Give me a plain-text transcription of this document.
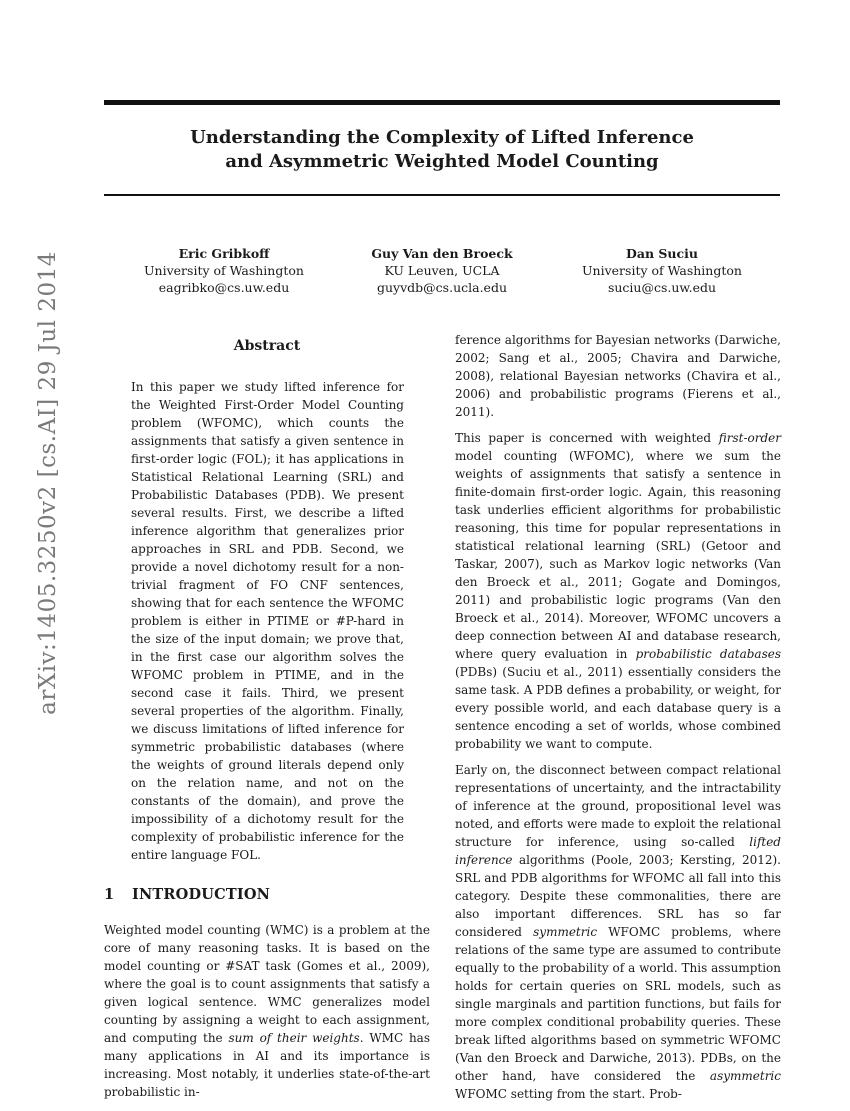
arXiv:1405.3250v2 [cs.AI] 29 Jul 2014
Understanding the Complexity of Lifted Inference
and Asymmetric Weighted Model Counting
Eric Gribkoff
University of Washington
eagribko@cs.uw.edu
Guy Van den Broeck
KU Leuven, UCLA
guyvdb@cs.ucla.edu
Dan Suciu
University of Washington
suciu@cs.uw.edu
Abstract

In this paper we study lifted inference for the Weighted First-Order Model Counting problem (WFOMC), which counts the assignments that satisfy a given sentence in first-order logic (FOL); it has applications in Statistical Relational Learning (SRL) and Probabilistic Databases (PDB). We present several results. First, we describe a lifted inference algorithm that generalizes prior approaches in SRL and PDB. Second, we provide a novel dichotomy result for a non-trivial fragment of FO CNF sentences, showing that for each sentence the WFOMC problem is either in PTIME or #P-hard in the size of the input domain; we prove that, in the first case our algorithm solves the WFOMC problem in PTIME, and in the second case it fails. Third, we present several properties of the algorithm. Finally, we discuss limitations of lifted inference for symmetric probabilistic databases (where the weights of ground literals depend only on the relation name, and not on the constants of the domain), and prove the impossibility of a dichotomy result for the complexity of probabilistic inference for the entire language FOL.

1 INTRODUCTION

Weighted model counting (WMC) is a problem at the core of many reasoning tasks. It is based on the model counting or #SAT task (Gomes et al., 2009), where the goal is to count assignments that satisfy a given logical sentence. WMC generalizes model counting by assigning a weight to each assignment, and computing the sum of their weights. WMC has many applications in AI and its importance is increasing. Most notably, it underlies state-of-the-art probabilistic in-

ference algorithms for Bayesian networks (Darwiche, 2002; Sang et al., 2005; Chavira and Darwiche, 2008), relational Bayesian networks (Chavira et al., 2006) and probabilistic programs (Fierens et al., 2011).

This paper is concerned with weighted first-order model counting (WFOMC), where we sum the weights of assignments that satisfy a sentence in finite-domain first-order logic. Again, this reasoning task underlies efficient algorithms for probabilistic reasoning, this time for popular representations in statistical relational learning (SRL) (Getoor and Taskar, 2007), such as Markov logic networks (Van den Broeck et al., 2011; Gogate and Domingos, 2011) and probabilistic logic programs (Van den Broeck et al., 2014). Moreover, WFOMC uncovers a deep connection between AI and database research, where query evaluation in probabilistic databases (PDBs) (Suciu et al., 2011) essentially considers the same task. A PDB defines a probability, or weight, for every possible world, and each database query is a sentence encoding a set of worlds, whose combined probability we want to compute.

Early on, the disconnect between compact relational representations of uncertainty, and the intractability of inference at the ground, propositional level was noted, and efforts were made to exploit the relational structure for inference, using so-called lifted inference algorithms (Poole, 2003; Kersting, 2012). SRL and PDB algorithms for WFOMC all fall into this category. Despite these commonalities, there are also important differences. SRL has so far considered symmetric WFOMC problems, where relations of the same type are assumed to contribute equally to the probability of a world. This assumption holds for certain queries on SRL models, such as single marginals and partition functions, but fails for more complex conditional probability queries. These break lifted algorithms based on symmetric WFOMC (Van den Broeck and Darwiche, 2013). PDBs, on the other hand, have considered the asymmetric WFOMC setting from the start. Prob-
